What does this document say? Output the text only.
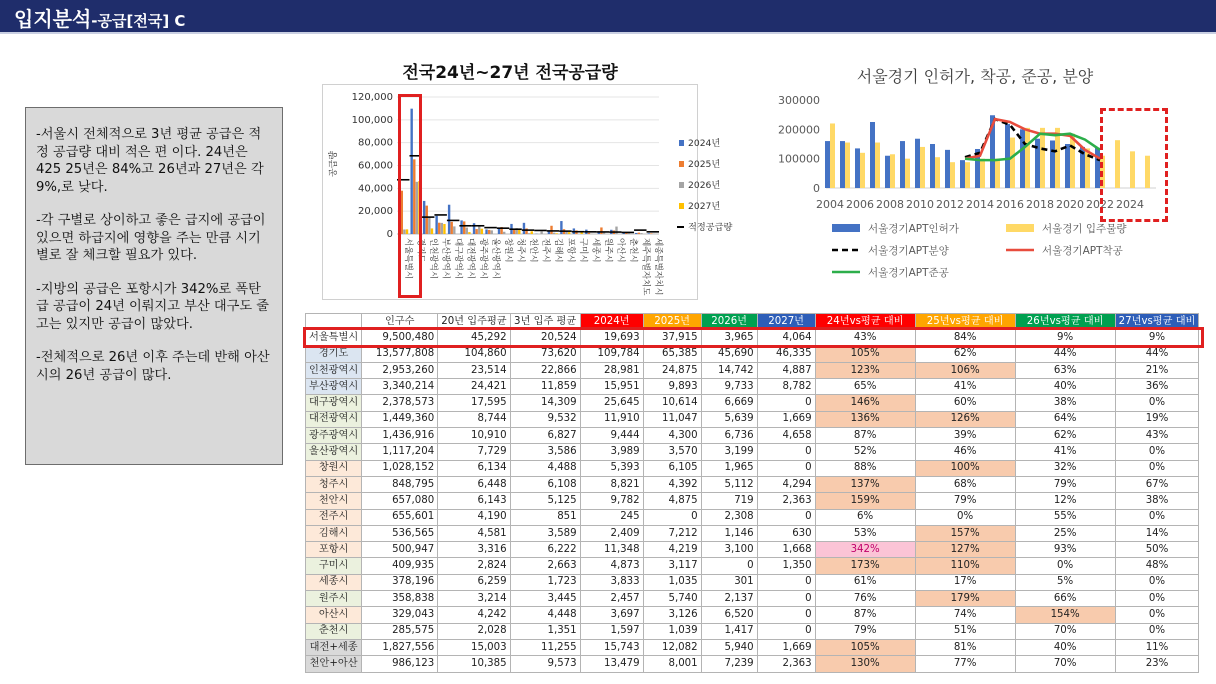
입지분석-공급[전국] C

-서울시 전체적으로 3년 평균 공급은 적정 공급량 대비 적은 편 이다. 24년은 425 25년은 84%고 26년과 27년은 각 9%,로 낮다.

-각 구별로 상이하고 좋은 급지에 공급이 있으면 하급지에 영향을 주는 만큼 시기별로 잘 체크할 필요가 있다.

-지방의 공급은 포항시가 342%로 폭탄급 공급이 24년 이뤄지고 부산 대구도 줄고는 있지만 공급이 많았다.

-전체적으로 26년 이후 주는데 반해 아산시의 26년 공급이 많다.

전국24년~27년 전국공급량
0
20,000
40,000
60,000
80,000
100,000
120,000
공급량
서울특별시 경기도 인천광역시 부산광역시 대구광역시 대전광역시 광주광역시 울산광역시 창원시 청주시 천안시 전주시 김해시 포항시 구미시 세종시 원주시 아산시 춘천시 제주특별자치도 세종특별자치시
2024년
2025년
2026년
2027년
적정공급량
서울경기 인허가, 착공, 준공, 분양
0
100000
200000
300000
2004 2006 2008 2010 2012 2014 2016 2018 2020 2022 2024
서울경기APT인허가	서울경기 입주물량
서울경기APT분양	서울경기APT착공
서울경기APT준공
	인구수	20년 입주평균	3년 입주 평균	2024년	2025년	2026년	2027년	24년vs평균 대비	25년vs평균 대비	26년vs평균 대비	27년vs평균 대비
서울특별시	9,500,480	45,292	20,524	19,693	37,915	3,965	4,064	43%	84%	9%	9%
경기도	13,577,808	104,860	73,620	109,784	65,385	45,690	46,335	105%	62%	44%	44%
인천광역시	2,953,260	23,514	22,866	28,981	24,875	14,742	4,887	123%	106%	63%	21%
부산광역시	3,340,214	24,421	11,859	15,951	9,893	9,733	8,782	65%	41%	40%	36%
대구광역시	2,378,573	17,595	14,309	25,645	10,614	6,669	0	146%	60%	38%	0%
대전광역시	1,449,360	8,744	9,532	11,910	11,047	5,639	1,669	136%	126%	64%	19%
광주광역시	1,436,916	10,910	6,827	9,444	4,300	6,736	4,658	87%	39%	62%	43%
울산광역시	1,117,204	7,729	3,586	3,989	3,570	3,199	0	52%	46%	41%	0%
창원시	1,028,152	6,134	4,488	5,393	6,105	1,965	0	88%	100%	32%	0%
청주시	848,795	6,448	6,108	8,821	4,392	5,112	4,294	137%	68%	79%	67%
천안시	657,080	6,143	5,125	9,782	4,875	719	2,363	159%	79%	12%	38%
전주시	655,601	4,190	851	245	0	2,308	0	6%	0%	55%	0%
김해시	536,565	4,581	3,589	2,409	7,212	1,146	630	53%	157%	25%	14%
포항시	500,947	3,316	6,222	11,348	4,219	3,100	1,668	342%	127%	93%	50%
구미시	409,935	2,824	2,663	4,873	3,117	0	1,350	173%	110%	0%	48%
세종시	378,196	6,259	1,723	3,833	1,035	301	0	61%	17%	5%	0%
원주시	358,838	3,214	3,445	2,457	5,740	2,137	0	76%	179%	66%	0%
아산시	329,043	4,242	4,448	3,697	3,126	6,520	0	87%	74%	154%	0%
춘천시	285,575	2,028	1,351	1,597	1,039	1,417	0	79%	51%	70%	0%
대전+세종	1,827,556	15,003	11,255	15,743	12,082	5,940	1,669	105%	81%	40%	11%
천안+아산	986,123	10,385	9,573	13,479	8,001	7,239	2,363	130%	77%	70%	23%
